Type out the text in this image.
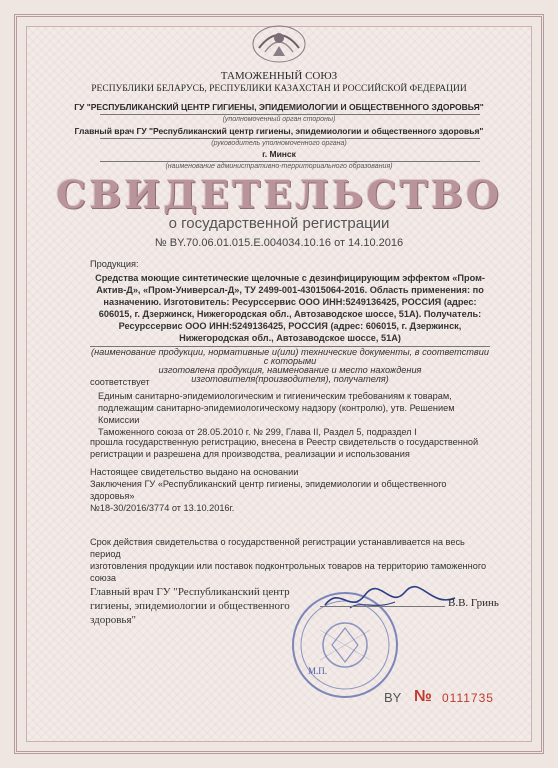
ТАМОЖЕННЫЙ СОЮЗ
РЕСПУБЛИКИ БЕЛАРУСЬ, РЕСПУБЛИКИ КАЗАХСТАН И РОССИЙСКОЙ ФЕДЕРАЦИИ
ГУ "РЕСПУБЛИКАНСКИЙ ЦЕНТР ГИГИЕНЫ, ЭПИДЕМИОЛОГИИ И ОБЩЕСТВЕННОГО ЗДОРОВЬЯ"
(уполномоченный орган стороны)
Главный врач ГУ "Республиканский центр гигиены, эпидемиологии и общественного здоровья"
(руководитель уполномоченного органа)
г. Минск
(наименование административно-территориального образования)
СВИДЕТЕЛЬСТВО
о государственной регистрации
№ BY.70.06.01.015.E.004034.10.16 от 14.10.2016
Продукция:
Средства моющие синтетические щелочные с дезинфицирующим эффектом «Пром-
Актив-Д», «Пром-Универсал-Д», ТУ 2499-001-43015064-2016. Область применения: по
назначению. Изготовитель: Ресурссервис ООО ИНН:5249136425, РОССИЯ (адрес:
606015, г. Дзержинск, Нижегородская обл., Автозаводское шоссе, 51А). Получатель:
Ресурссервис ООО ИНН:5249136425, РОССИЯ (адрес: 606015, г. Дзержинск,
Нижегородская обл., Автозаводское шоссе, 51А)
(наименование продукции, нормативные и(или) технические документы, в соответствии с которыми
изготовлена продукция, наименование и место нахождения изготовителя(производителя), получателя)
соответствует
Единым санитарно-эпидемиологическим и гигиеническим требованиям к товарам,
подлежащим санитарно-эпидемиологическому надзору (контролю), утв. Решением Комиссии
Таможенного союза от 28.05.2010 г. № 299, Глава II, Раздел 5, подраздел I
прошла государственную регистрацию, внесена в Реестр свидетельств о государственной
регистрации и разрешена для производства, реализации и использования
Настоящее свидетельство выдано на основании
Заключения ГУ «Республиканский центр гигиены, эпидемиологии и общественного здоровья»
№18-30/2016/3774 от 13.10.2016г.
Срок действия свидетельства о государственной регистрации устанавливается на весь период
изготовления продукции или поставок подконтрольных товаров на территорию таможенного
союза
Главный врач ГУ "Республиканский центр
гигиены, эпидемиологии и общественного
здоровья"
В.В. Гринь
М.П.
BY № 0111735
